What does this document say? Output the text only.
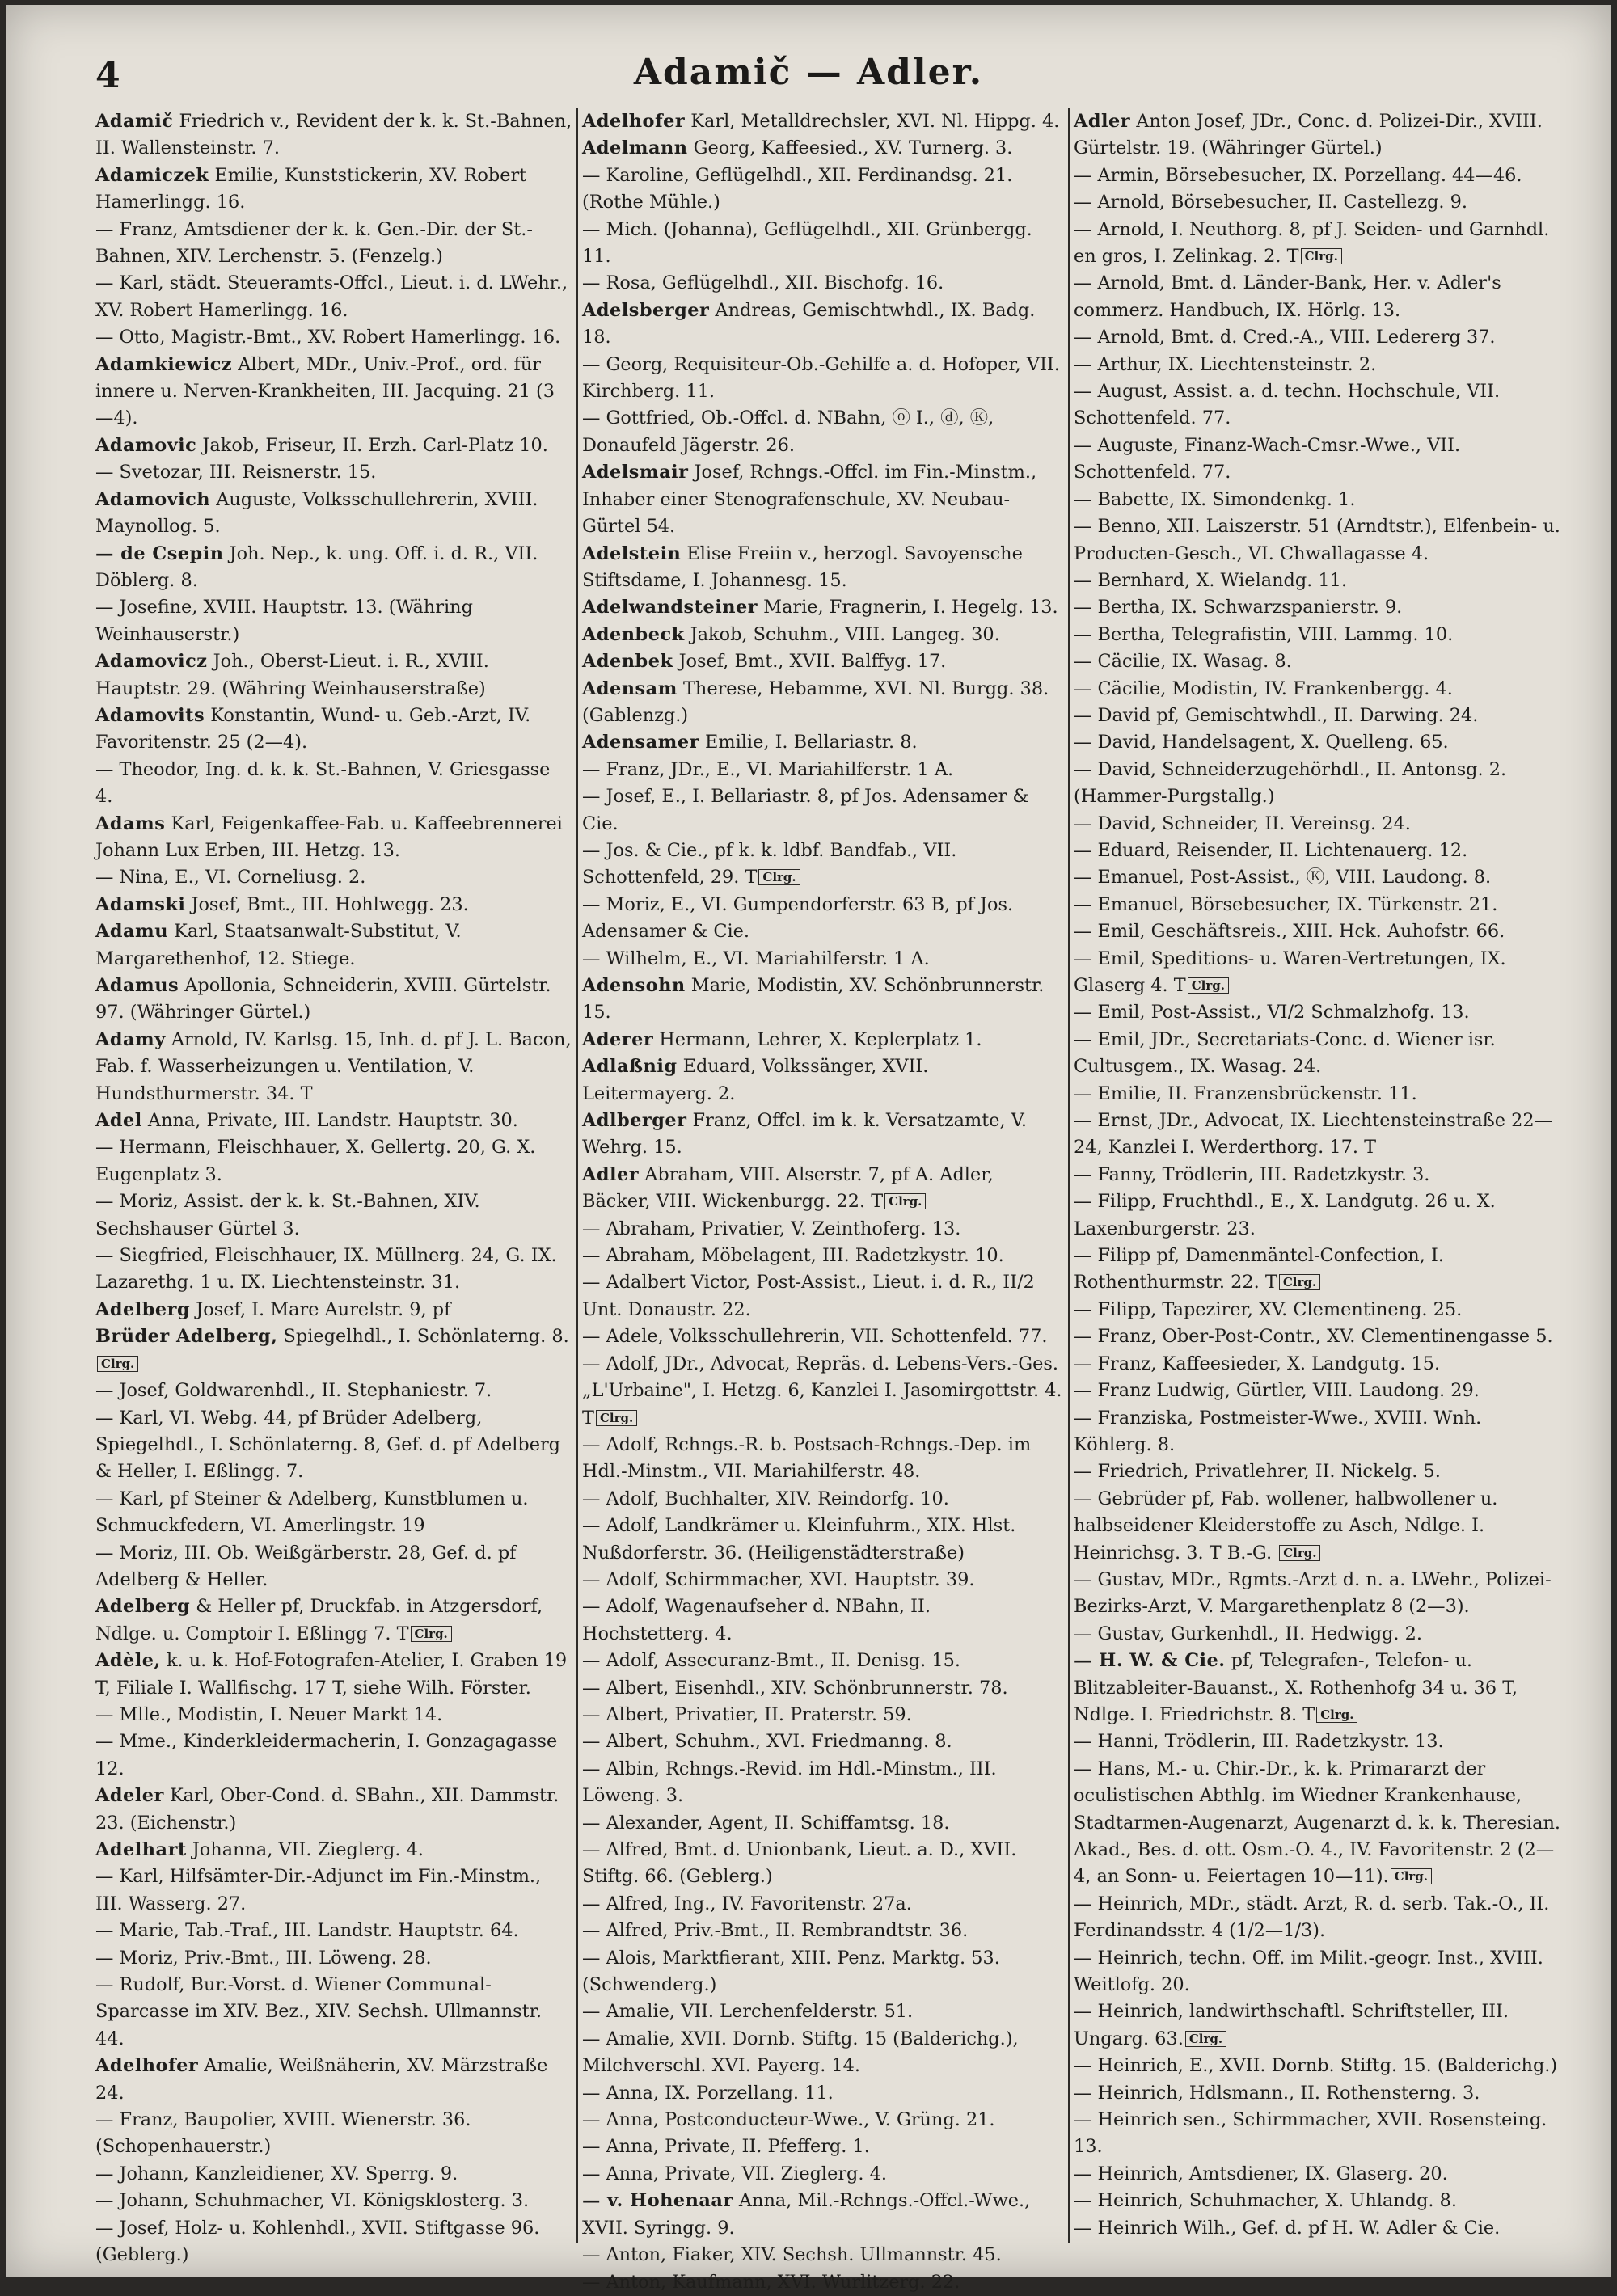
4	Adamič — Adler.

Adamič Friedrich v., Revident der k. k. St.-Bahnen, II. Wallensteinstr. 7.

Adamiczek Emilie, Kunststickerin, XV. Robert Hamerlingg. 16.

— Franz, Amtsdiener der k. k. Gen.-Dir. der St.-Bahnen, XIV. Lerchenstr. 5. (Fenzelg.)

— Karl, städt. Steueramts-Offcl., Lieut. i. d. LWehr., XV. Robert Hamerlingg. 16.

— Otto, Magistr.-Bmt., XV. Robert Hamerlingg. 16.

Adamkiewicz Albert, MDr., Univ.-Prof., ord. für innere u. Nerven-Krankheiten, III. Jacquing. 21 (3—4).

Adamovic Jakob, Friseur, II. Erzh. Carl-Platz 10.

— Svetozar, III. Reisnerstr. 15.

Adamovich Auguste, Volksschullehrerin, XVIII. Maynollog. 5.

— de Csepin Joh. Nep., k. ung. Off. i. d. R., VII. Döblerg. 8.

— Josefine, XVIII. Hauptstr. 13. (Währing Weinhauserstr.)

Adamovicz Joh., Oberst-Lieut. i. R., XVIII. Hauptstr. 29. (Währing Weinhauserstraße)

Adamovits Konstantin, Wund- u. Geb.-Arzt, IV. Favoritenstr. 25 (2—4).

— Theodor, Ing. d. k. k. St.-Bahnen, V. Griesgasse 4.

Adams Karl, Feigenkaffee-Fab. u. Kaffeebrennerei Johann Lux Erben, III. Hetzg. 13.

— Nina, E., VI. Corneliusg. 2.

Adamski Josef, Bmt., III. Hohlwegg. 23.

Adamu Karl, Staatsanwalt-Substitut, V. Margarethenhof, 12. Stiege.

Adamus Apollonia, Schneiderin, XVIII. Gürtelstr. 97. (Währinger Gürtel.)

Adamy Arnold, IV. Karlsg. 15, Inh. d. pf J. L. Bacon, Fab. f. Wasserheizungen u. Ventilation, V. Hundsthurmerstr. 34. T

Adel Anna, Private, III. Landstr. Hauptstr. 30.

— Hermann, Fleischhauer, X. Gellertg. 20, G. X. Eugenplatz 3.

— Moriz, Assist. der k. k. St.-Bahnen, XIV. Sechshauser Gürtel 3.

— Siegfried, Fleischhauer, IX. Müllnerg. 24, G. IX. Lazarethg. 1 u. IX. Liechtensteinstr. 31.

Adelberg Josef, I. Mare Aurelstr. 9, pf

Brüder Adelberg, Spiegelhdl., I. Schönlaterng. 8.Clrg.

— Josef, Goldwarenhdl., II. Stephaniestr. 7.

— Karl, VI. Webg. 44, pf Brüder Adelberg, Spiegelhdl., I. Schönlaterng. 8, Gef. d. pf Adelberg & Heller, I. Eßlingg. 7.

— Karl, pf Steiner & Adelberg, Kunstblumen u. Schmuckfedern, VI. Amerlingstr. 19

— Moriz, III. Ob. Weißgärberstr. 28, Gef. d. pf Adelberg & Heller.

Adelberg & Heller pf, Druckfab. in Atzgersdorf, Ndlge. u. Comptoir I. Eßlingg 7. T Clrg.

Adèle, k. u. k. Hof-Fotografen-Atelier, I. Graben 19 T, Filiale I. Wallfischg. 17 T, siehe Wilh. Förster.

— Mlle., Modistin, I. Neuer Markt 14.

— Mme., Kinderkleidermacherin, I. Gonzagagasse 12.

Adeler Karl, Ober-Cond. d. SBahn., XII. Dammstr. 23. (Eichenstr.)

Adelhart Johanna, VII. Zieglerg. 4.

— Karl, Hilfsämter-Dir.-Adjunct im Fin.-Minstm., III. Wasserg. 27.

— Marie, Tab.-Traf., III. Landstr. Hauptstr. 64.

— Moriz, Priv.-Bmt., III. Löweng. 28.

— Rudolf, Bur.-Vorst. d. Wiener Communal-Sparcasse im XIV. Bez., XIV. Sechsh. Ullmannstr. 44.

Adelhofer Amalie, Weißnäherin, XV. Märzstraße 24.

— Franz, Baupolier, XVIII. Wienerstr. 36. (Schopenhauerstr.)

— Johann, Kanzleidiener, XV. Sperrg. 9.

— Johann, Schuhmacher, VI. Königsklosterg. 3.

— Josef, Holz- u. Kohlenhdl., XVII. Stiftgasse 96. (Geblerg.)

Adelhofer Karl, Metalldrechsler, XVI. Nl. Hippg. 4.

Adelmann Georg, Kaffeesied., XV. Turnerg. 3.

— Karoline, Geflügelhdl., XII. Ferdinandsg. 21. (Rothe Mühle.)

— Mich. (Johanna), Geflügelhdl., XII. Grünbergg. 11.

— Rosa, Geflügelhdl., XII. Bischofg. 16.

Adelsberger Andreas, Gemischtwhdl., IX. Badg. 18.

— Georg, Requisiteur-Ob.-Gehilfe a. d. Hofoper, VII. Kirchberg. 11.

— Gottfried, Ob.-Offcl. d. NBahn, ⓞ I., ⓓ, Ⓚ, Donaufeld Jägerstr. 26.

Adelsmair Josef, Rchngs.-Offcl. im Fin.-Minstm., Inhaber einer Stenografenschule, XV. Neubau-Gürtel 54.

Adelstein Elise Freiin v., herzogl. Savoyensche Stiftsdame, I. Johannesg. 15.

Adelwandsteiner Marie, Fragnerin, I. Hegelg. 13.

Adenbeck Jakob, Schuhm., VIII. Langeg. 30.

Adenbek Josef, Bmt., XVII. Balffyg. 17.

Adensam Therese, Hebamme, XVI. Nl. Burgg. 38. (Gablenzg.)

Adensamer Emilie, I. Bellariastr. 8.

— Franz, JDr., E., VI. Mariahilferstr. 1 A.

— Josef, E., I. Bellariastr. 8, pf Jos. Adensamer & Cie.

— Jos. & Cie., pf k. k. ldbf. Bandfab., VII. Schottenfeld, 29. T Clrg.

— Moriz, E., VI. Gumpendorferstr. 63 B, pf Jos. Adensamer & Cie.

— Wilhelm, E., VI. Mariahilferstr. 1 A.

Adensohn Marie, Modistin, XV. Schönbrunnerstr. 15.

Aderer Hermann, Lehrer, X. Keplerplatz 1.

Adlaßnig Eduard, Volkssänger, XVII. Leitermayerg. 2.

Adlberger Franz, Offcl. im k. k. Versatzamte, V. Wehrg. 15.

Adler Abraham, VIII. Alserstr. 7, pf A. Adler, Bäcker, VIII. Wickenburgg. 22. T Clrg.

— Abraham, Privatier, V. Zeinthoferg. 13.

— Abraham, Möbelagent, III. Radetzkystr. 10.

— Adalbert Victor, Post-Assist., Lieut. i. d. R., II/2 Unt. Donaustr. 22.

— Adele, Volksschullehrerin, VII. Schottenfeld. 77.

— Adolf, JDr., Advocat, Repräs. d. Lebens-Vers.-Ges. „L'Urbaine", I. Hetzg. 6, Kanzlei I. Jasomirgottstr. 4. T Clrg.

— Adolf, Rchngs.-R. b. Postsach-Rchngs.-Dep. im Hdl.-Minstm., VII. Mariahilferstr. 48.

— Adolf, Buchhalter, XIV. Reindorfg. 10.

— Adolf, Landkrämer u. Kleinfuhrm., XIX. Hlst. Nußdorferstr. 36. (Heiligenstädterstraße)

— Adolf, Schirmmacher, XVI. Hauptstr. 39.

— Adolf, Wagenaufseher d. NBahn, II. Hochstetterg. 4.

— Adolf, Assecuranz-Bmt., II. Denisg. 15.

— Albert, Eisenhdl., XIV. Schönbrunnerstr. 78.

— Albert, Privatier, II. Praterstr. 59.

— Albert, Schuhm., XVI. Friedmanng. 8.

— Albin, Rchngs.-Revid. im Hdl.-Minstm., III. Löweng. 3.

— Alexander, Agent, II. Schiffamtsg. 18.

— Alfred, Bmt. d. Unionbank, Lieut. a. D., XVII. Stiftg. 66. (Geblerg.)

— Alfred, Ing., IV. Favoritenstr. 27a.

— Alfred, Priv.-Bmt., II. Rembrandtstr. 36.

— Alois, Marktfierant, XIII. Penz. Marktg. 53. (Schwenderg.)

— Amalie, VII. Lerchenfelderstr. 51.

— Amalie, XVII. Dornb. Stiftg. 15 (Balderichg.), Milchverschl. XVI. Payerg. 14.

— Anna, IX. Porzellang. 11.

— Anna, Postconducteur-Wwe., V. Grüng. 21.

— Anna, Private, II. Pfefferg. 1.

— Anna, Private, VII. Zieglerg. 4.

— v. Hohenaar Anna, Mil.-Rchngs.-Offcl.-Wwe., XVII. Syringg. 9.

— Anton, Fiaker, XIV. Sechsh. Ullmannstr. 45.

— Anton, Kaufmann, XVI. Wurlitzerg. 22.

Adler Anton Josef, JDr., Conc. d. Polizei-Dir., XVIII. Gürtelstr. 19. (Währinger Gürtel.)

— Armin, Börsebesucher, IX. Porzellang. 44—46.

— Arnold, Börsebesucher, II. Castellezg. 9.

— Arnold, I. Neuthorg. 8, pf J. Seiden- und Garnhdl. en gros, I. Zelinkag. 2. T Clrg.

— Arnold, Bmt. d. Länder-Bank, Her. v. Adler's commerz. Handbuch, IX. Hörlg. 13.

— Arnold, Bmt. d. Cred.-A., VIII. Ledererg 37.

— Arthur, IX. Liechtensteinstr. 2.

— August, Assist. a. d. techn. Hochschule, VII. Schottenfeld. 77.

— Auguste, Finanz-Wach-Cmsr.-Wwe., VII. Schottenfeld. 77.

— Babette, IX. Simondenkg. 1.

— Benno, XII. Laiszerstr. 51 (Arndtstr.), Elfenbein- u. Producten-Gesch., VI. Chwallagasse 4.

— Bernhard, X. Wielandg. 11.

— Bertha, IX. Schwarzspanierstr. 9.

— Bertha, Telegrafistin, VIII. Lammg. 10.

— Cäcilie, IX. Wasag. 8.

— Cäcilie, Modistin, IV. Frankenbergg. 4.

— David pf, Gemischtwhdl., II. Darwing. 24.

— David, Handelsagent, X. Quelleng. 65.

— David, Schneiderzugehörhdl., II. Antonsg. 2. (Hammer-Purgstallg.)

— David, Schneider, II. Vereinsg. 24.

— Eduard, Reisender, II. Lichtenauerg. 12.

— Emanuel, Post-Assist., Ⓚ, VIII. Laudong. 8.

— Emanuel, Börsebesucher, IX. Türkenstr. 21.

— Emil, Geschäftsreis., XIII. Hck. Auhofstr. 66.

— Emil, Speditions- u. Waren-Vertretungen, IX. Glaserg 4. T Clrg.

— Emil, Post-Assist., VI/2 Schmalzhofg. 13.

— Emil, JDr., Secretariats-Conc. d. Wiener isr. Cultusgem., IX. Wasag. 24.

— Emilie, II. Franzensbrückenstr. 11.

— Ernst, JDr., Advocat, IX. Liechtensteinstraße 22—24, Kanzlei I. Werderthorg. 17. T

— Fanny, Trödlerin, III. Radetzkystr. 3.

— Filipp, Fruchthdl., E., X. Landgutg. 26 u. X. Laxenburgerstr. 23.

— Filipp pf, Damenmäntel-Confection, I. Rothenthurmstr. 22. T Clrg.

— Filipp, Tapezirer, XV. Clementineng. 25.

— Franz, Ober-Post-Contr., XV. Clementinengasse 5.

— Franz, Kaffeesieder, X. Landgutg. 15.

— Franz Ludwig, Gürtler, VIII. Laudong. 29.

— Franziska, Postmeister-Wwe., XVIII. Wnh. Köhlerg. 8.

— Friedrich, Privatlehrer, II. Nickelg. 5.

— Gebrüder pf, Fab. wollener, halbwollener u. halbseidener Kleiderstoffe zu Asch, Ndlge. I. Heinrichsg. 3. T B.-G. Clrg.

— Gustav, MDr., Rgmts.-Arzt d. n. a. LWehr., Polizei-Bezirks-Arzt, V. Margarethenplatz 8 (2—3).

— Gustav, Gurkenhdl., II. Hedwigg. 2.

— H. W. & Cie. pf, Telegrafen-, Telefon- u. Blitzableiter-Bauanst., X. Rothenhofg 34 u. 36 T, Ndlge. I. Friedrichstr. 8. T Clrg.

— Hanni, Trödlerin, III. Radetzkystr. 13.

— Hans, M.- u. Chir.-Dr., k. k. Primararzt der oculistischen Abthlg. im Wiedner Krankenhause, Stadtarmen-Augenarzt, Augenarzt d. k. k. Theresian. Akad., Bes. d. ott. Osm.-O. 4., IV. Favoritenstr. 2 (2—4, an Sonn- u. Feiertagen 10—11). Clrg.

— Heinrich, MDr., städt. Arzt, R. d. serb. Tak.-O., II. Ferdinandsstr. 4 (1/2—1/3).

— Heinrich, techn. Off. im Milit.-geogr. Inst., XVIII. Weitlofg. 20.

— Heinrich, landwirthschaftl. Schriftsteller, III. Ungarg. 63. Clrg.

— Heinrich, E., XVII. Dornb. Stiftg. 15. (Balderichg.)

— Heinrich, Hdlsmann., II. Rothensterng. 3.

— Heinrich sen., Schirmmacher, XVII. Rosensteing. 13.

— Heinrich, Amtsdiener, IX. Glaserg. 20.

— Heinrich, Schuhmacher, X. Uhlandg. 8.

— Heinrich Wilh., Gef. d. pf H. W. Adler & Cie.
